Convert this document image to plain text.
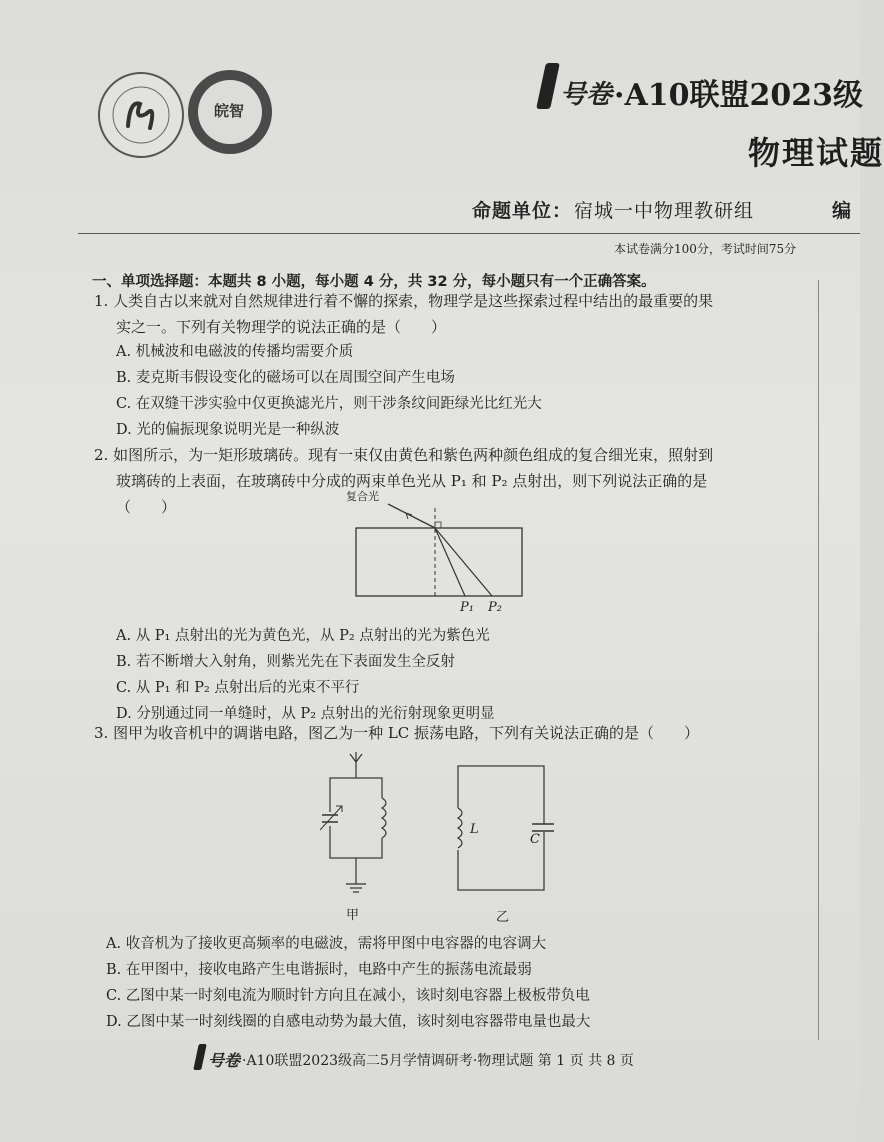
皖智
号卷 ·A10联盟2023级
物理试题
命题单位： 宿城一中物理教研组	编
本试卷满分100分，考试时间75分
一、单项选择题：本题共 8 小题，每小题 4 分，共 32 分，每小题只有一个正确答案。
1. 人类自古以来就对自然规律进行着不懈的探索，物理学是这些探索过程中结出的最重要的果
实之一。下列有关物理学的说法正确的是（　　）
A. 机械波和电磁波的传播均需要介质
B. 麦克斯韦假设变化的磁场可以在周围空间产生电场
C. 在双缝干涉实验中仅更换滤光片，则干涉条纹间距绿光比红光大
D. 光的偏振现象说明光是一种纵波
2. 如图所示，为一矩形玻璃砖。现有一束仅由黄色和紫色两种颜色组成的复合细光束，照射到
玻璃砖的上表面，在玻璃砖中分成的两束单色光从 P₁ 和 P₂ 点射出，则下列说法正确的是
（　　）
复合光
P₁ P₂
A. 从 P₁ 点射出的光为黄色光，从 P₂ 点射出的光为紫色光
B. 若不断增大入射角，则紫光先在下表面发生全反射
C. 从 P₁ 和 P₂ 点射出后的光束不平行
D. 分别通过同一单缝时，从 P₂ 点射出的光衍射现象更明显
3. 图甲为收音机中的调谐电路，图乙为一种 LC 振荡电路，下列有关说法正确的是（　　）
甲
L
C
乙
A. 收音机为了接收更高频率的电磁波，需将甲图中电容器的电容调大
B. 在甲图中，接收电路产生电谐振时，电路中产生的振荡电流最弱
C. 乙图中某一时刻电流为顺时针方向且在减小，该时刻电容器上极板带负电
D. 乙图中某一时刻线圈的自感电动势为最大值，该时刻电容器带电量也最大
号卷 ·A10联盟2023级高二5月学情调研考·物理试题 第 1 页 共 8 页
